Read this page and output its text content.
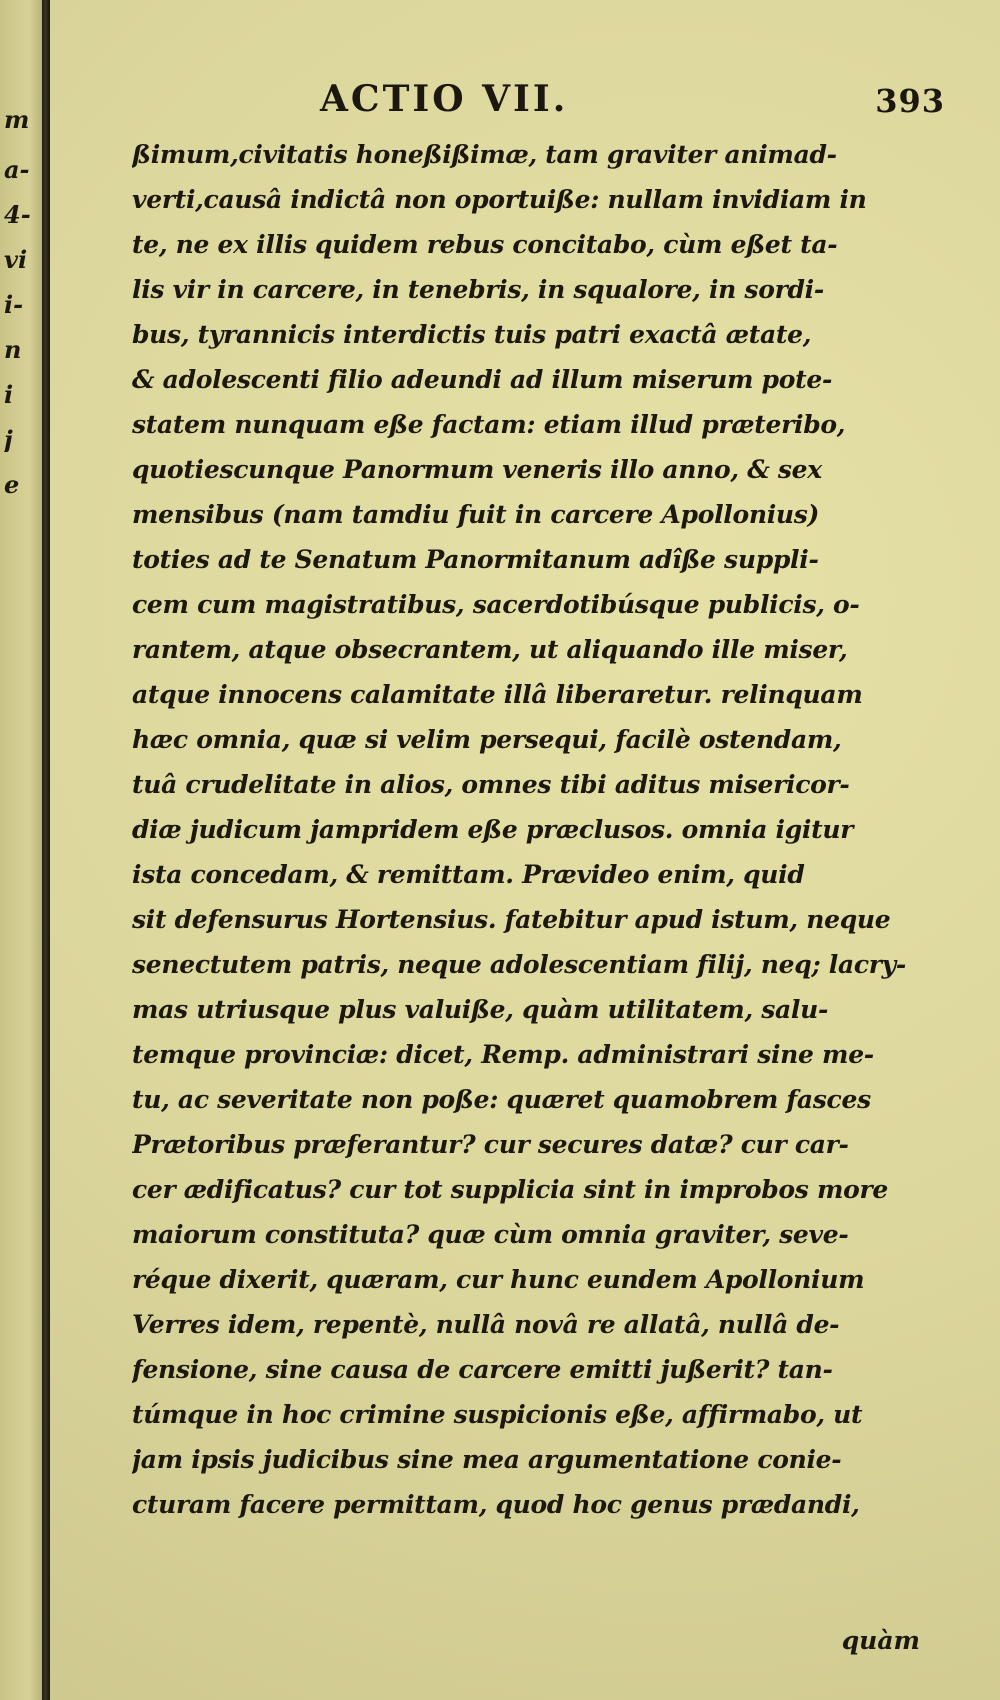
m
a-
4-
vi
i-
n
i
j
e
ACTIO VII.	393
ßimum,civitatis honeßißimæ, tam graviter animad-
verti,causâ indictâ non oportuiße: nullam invidiam in
te, ne ex illis quidem rebus concitabo, cùm eßet ta-
lis vir in carcere, in tenebris, in squalore, in sordi-
bus, tyrannicis interdictis tuis patri exactâ ætate,
& adolescenti filio adeundi ad illum miserum pote-
statem nunquam eße factam: etiam illud præteribo,
quotiescunque Panormum veneris illo anno, & sex
mensibus (nam tamdiu fuit in carcere Apollonius)
toties ad te Senatum Panormitanum adîße suppli-
cem cum magistratibus, sacerdotibúsque publicis, o-
rantem, atque obsecrantem, ut aliquando ille miser,
atque innocens calamitate illâ liberaretur. relinquam
hæc omnia, quæ si velim persequi, facilè ostendam,
tuâ crudelitate in alios, omnes tibi aditus misericor-
diæ judicum jampridem eße præclusos. omnia igitur
ista concedam, & remittam. Prævideo enim, quid
sit defensurus Hortensius. fatebitur apud istum, neque
senectutem patris, neque adolescentiam filij, neq; lacry-
mas utriusque plus valuiße, quàm utilitatem, salu-
temque provinciæ: dicet, Remp. administrari sine me-
tu, ac severitate non poße: quæret quamobrem fasces
Prætoribus præferantur? cur secures datæ? cur car-
cer ædificatus? cur tot supplicia sint in improbos more
maiorum constituta? quæ cùm omnia graviter, seve-
réque dixerit, quæram, cur hunc eundem Apollonium
Verres idem, repentè, nullâ novâ re allatâ, nullâ de-
fensione, sine causa de carcere emitti jußerit? tan-
túmque in hoc crimine suspicionis eße, affirmabo, ut
jam ipsis judicibus sine mea argumentatione conie-
cturam facere permittam, quod hoc genus prædandi,
quàm
